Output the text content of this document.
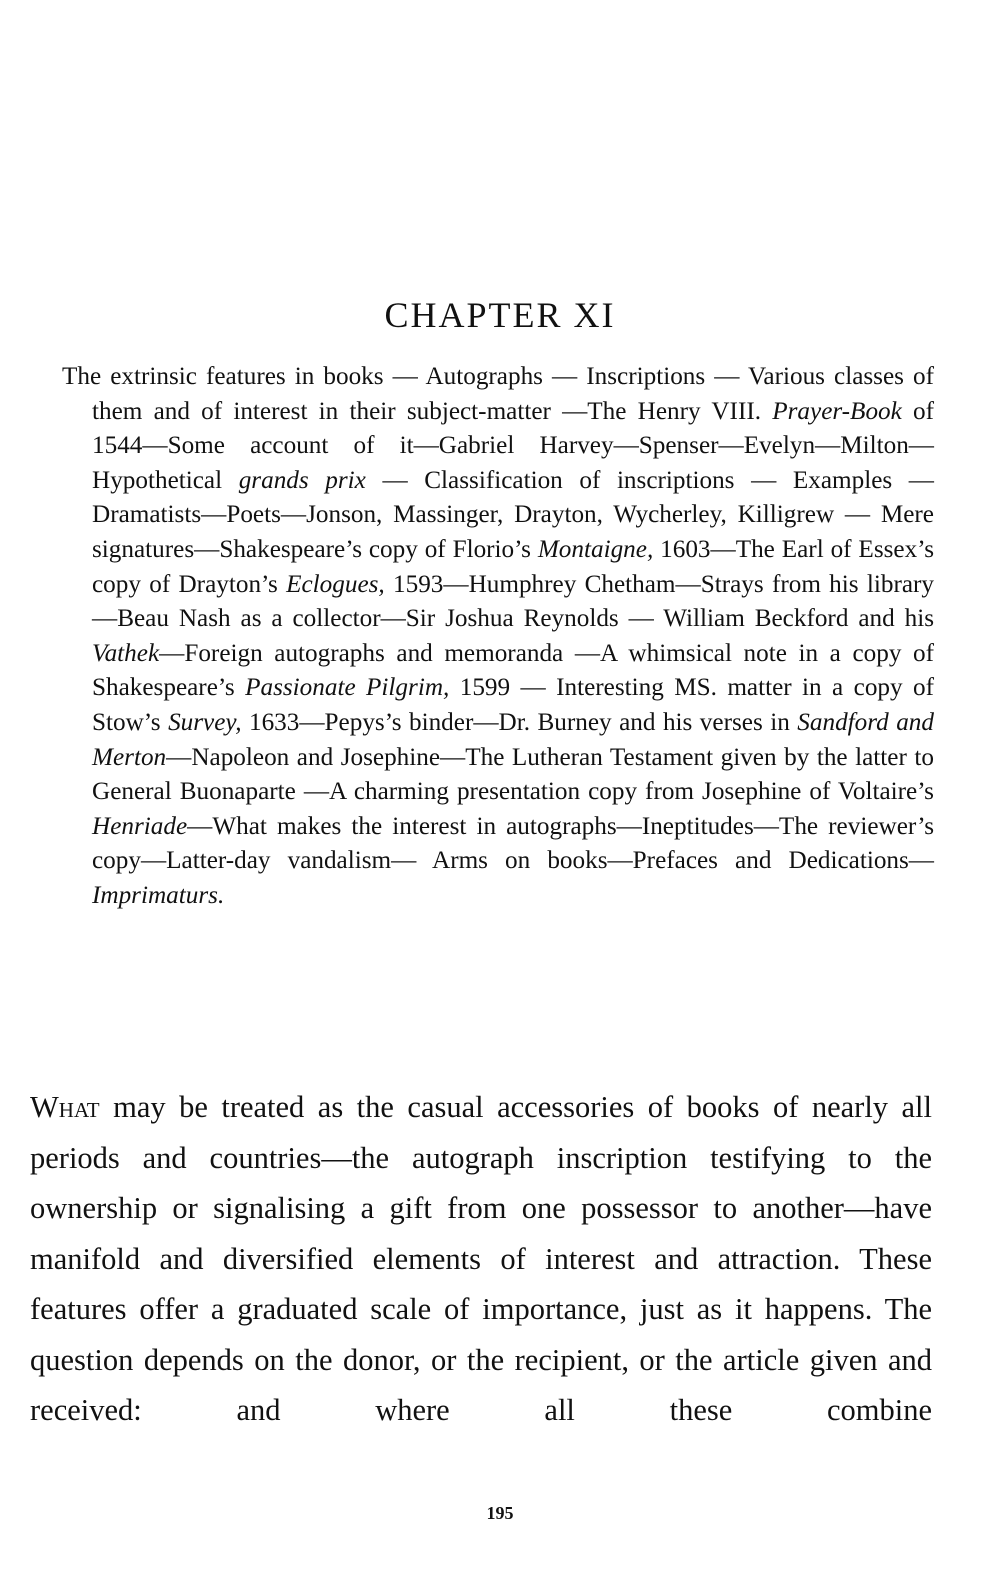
CHAPTER XI

The extrinsic features in books — Autographs — Inscriptions — Various classes of them and of interest in their subject-matter —The Henry VIII. Prayer-Book of 1544—Some account of it—Gabriel Harvey—Spenser—Evelyn—Milton—Hypothetical grands prix — Classification of inscriptions — Examples — Dramatists—Poets—Jonson, Massinger, Drayton, Wycherley, Killigrew — Mere signatures—Shakespeare’s copy of Florio’s Montaigne, 1603—The Earl of Essex’s copy of Drayton’s Eclogues, 1593—Humphrey Chetham—Strays from his library —Beau Nash as a collector—Sir Joshua Reynolds — William Beckford and his Vathek—Foreign autographs and memoranda —A whimsical note in a copy of Shakespeare’s Passionate Pilgrim, 1599 — Interesting MS. matter in a copy of Stow’s Survey, 1633—Pepys’s binder—Dr. Burney and his verses in Sandford and Merton—Napoleon and Josephine—The Lutheran Testament given by the latter to General Buonaparte —A charming presentation copy from Josephine of Voltaire’s Henriade—What makes the interest in autographs—Ineptitudes—The reviewer’s copy—Latter-day vandalism— Arms on books—Prefaces and Dedications—Imprimaturs.

What may be treated as the casual accessories of books of nearly all periods and countries—the autograph inscription testifying to the ownership or signalising a gift from one possessor to another—have manifold and diversified elements of interest and attraction. These features offer a graduated scale of importance, just as it happens. The question depends on the donor, or the recipient, or the article given and received: and where all these combine

195
